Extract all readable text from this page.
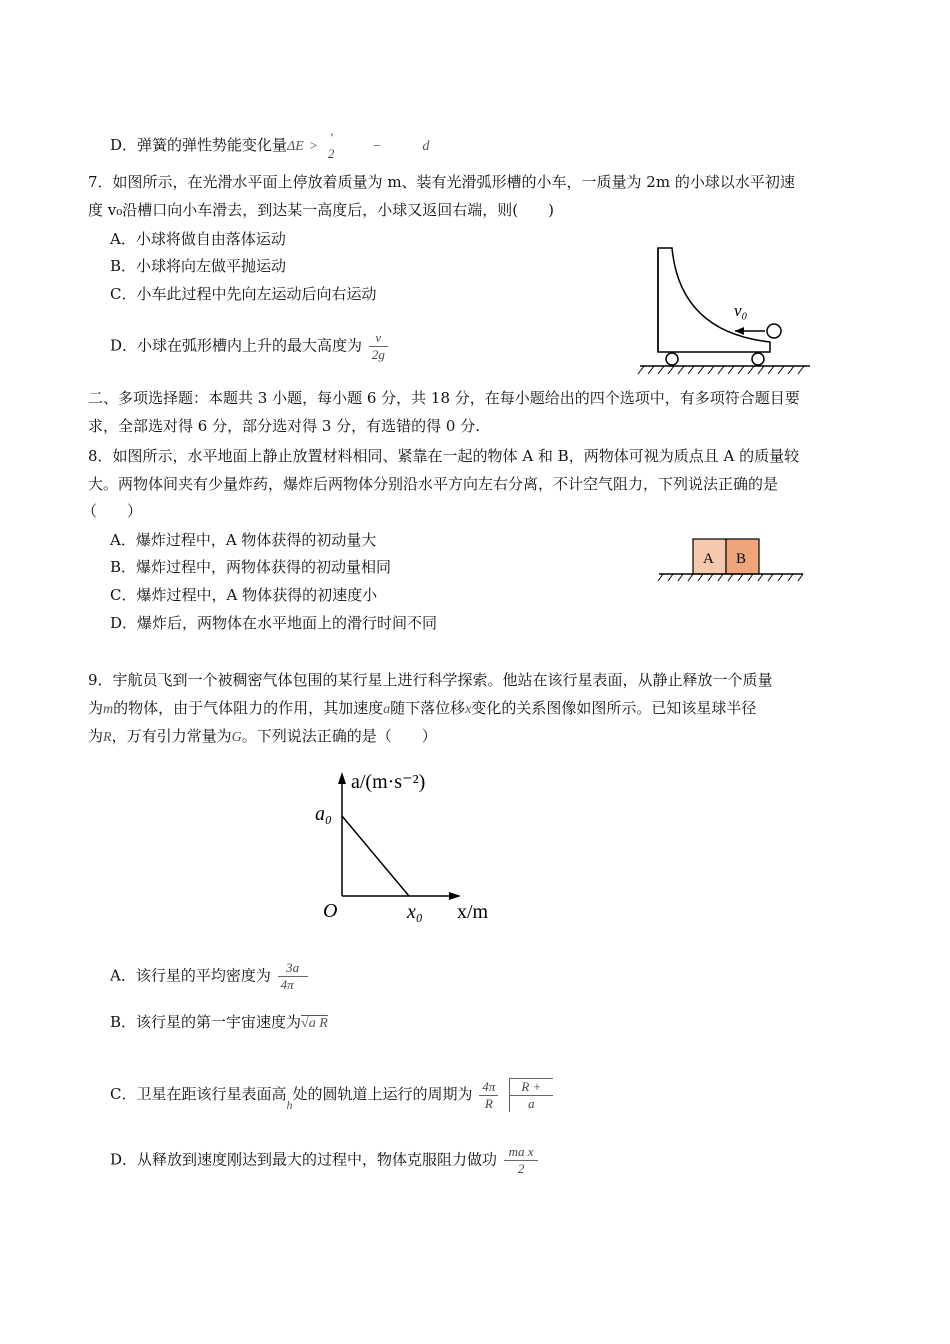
D．弹簧的弹性势能变化量ΔE >
'
2	−	d
7．如图所示，在光滑水平面上停放着质量为 m、装有光滑弧形槽的小车，一质量为 2m 的小球以水平初速
度 v₀沿槽口向小车滑去，到达某一高度后，小球又返回右端，则(　　)
A．小球将做自由落体运动
B．小球将向左做平抛运动
C．小车此过程中先向左运动后向右运动
D．小球在弧形槽内上升的最大高度为 $\frac{v}{2g}$
v₀
二、多项选择题：本题共 3 小题，每小题 6 分，共 18 分，在每小题给出的四个选项中，有多项符合题目要
求，全部选对得 6 分，部分选对得 3 分，有选错的得 0 分.
8．如图所示，水平地面上静止放置材料相同、紧靠在一起的物体 A 和 B，两物体可视为质点且 A 的质量较
大。两物体间夹有少量炸药，爆炸后两物体分别沿水平方向左右分离，不计空气阻力，下列说法正确的是
（　　）
A．爆炸过程中，A 物体获得的初动量大
B．爆炸过程中，两物体获得的初动量相同
C．爆炸过程中，A 物体获得的初速度小
D．爆炸后，两物体在水平地面上的滑行时间不同
A B
9．宇航员飞到一个被稠密气体包围的某行星上进行科学探索。他站在该行星表面，从静止释放一个质量
为m的物体，由于气体阻力的作用，其加速度a随下落位移x变化的关系图像如图所示。已知该星球半径
为R，万有引力常量为G。下列说法正确的是（　　）
a/(m·s⁻²)
x/m
O
a₀
x₀
A．该行星的平均密度为 $\frac{3a}{4\pi}$
B．该行星的第一宇宙速度为√a R
C．卫星在距该行星表面高$_h$处的圆轨道上运行的周期为 $\frac{4\pi}{R}$
$\frac{R +}{a}$
D．从释放到速度刚达到最大的过程中，物体克服阻力做功 $\frac{\text{ma x}}{2}$
